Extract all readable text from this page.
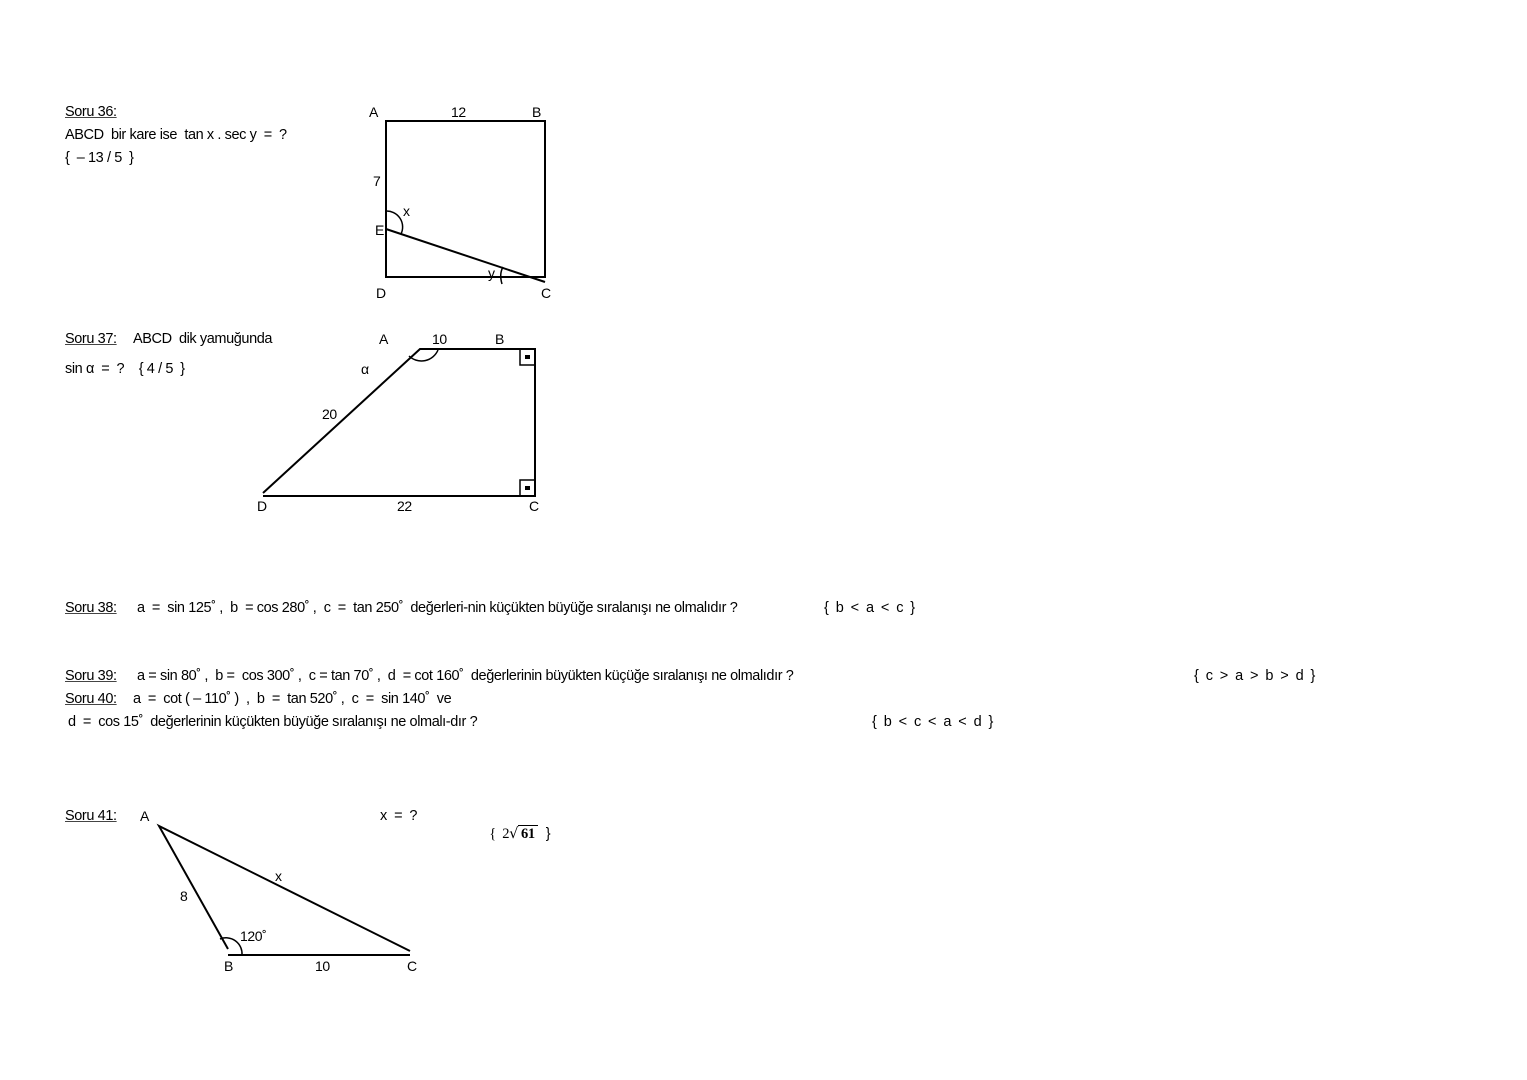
Soru 36:
ABCD  bir kare ise  tan x . sec y  =  ?
{  – 13 / 5  }
Soru 37: ABCD  dik yamuğunda
sin α  =  ?    { 4 / 5  }
Soru 38: a  =  sin 125˚ ,  b  = cos 280˚ ,  c  =  tan 250˚  değerleri-nin küçükten büyüğe sıralanışı ne olmalıdır ?	{  b  <  a  <  c  }
Soru 39: a = sin 80˚ ,  b =  cos 300˚ ,  c = tan 70˚ ,  d  = cot 160˚  değerlerinin büyükten küçüğe sıralanışı ne olmalıdır ?	{  c  >  a  >  b  >  d  }
Soru 40: a  =  cot ( – 110˚ )  ,  b  =  tan 520˚ ,  c  =  sin 140˚  ve
d  =  cos 15˚  değerlerinin küçükten büyüğe sıralanışı ne olmalı-dır ?	{  b  <  c  <  a  <  d  }
Soru 41:	x  =  ?

{  2√ 61 }

A	12	B
7
x
E
y
D	C
A	10	B
α
20
D	22	C
A
x
8
120˚
B	10	C
